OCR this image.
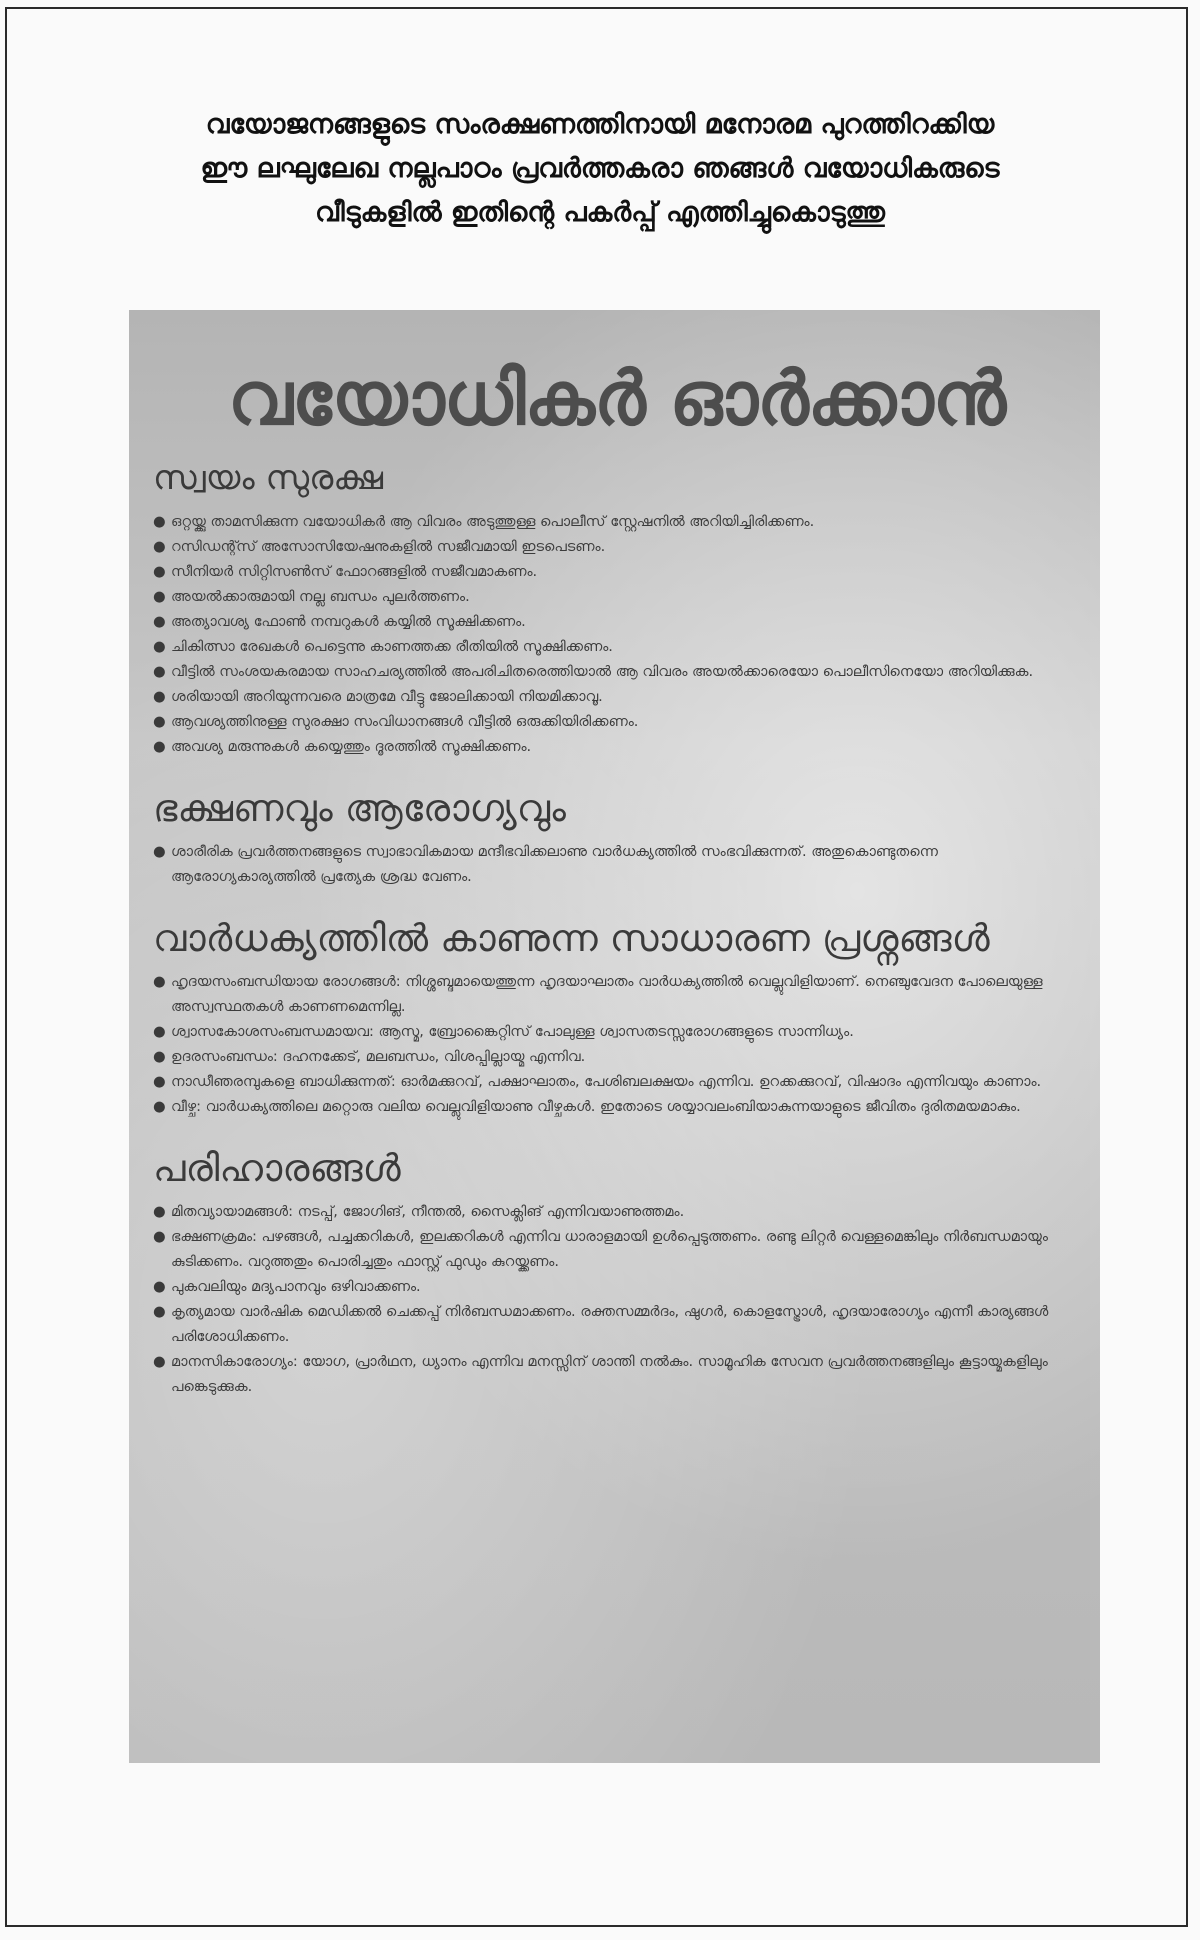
വയോജനങ്ങളുടെ സംരക്ഷണത്തിനായി മനോരമ പുറത്തിറക്കിയ
ഈ ലഘുലേഖ നല്ലപാഠം പ്രവർത്തകരാ ഞങ്ങൾ വയോധികരുടെ
വീടുകളിൽ ഇതിന്റെ പകർപ്പ് എത്തിച്ചുകൊടുത്തു
വയോധികർ ഓർക്കാൻ
സ്വയം സുരക്ഷ
● ഒറ്റയ്ക്കു താമസിക്കുന്ന വയോധികർ ആ വിവരം അടുത്തുള്ള പൊലീസ് സ്റ്റേഷനിൽ അറിയിച്ചിരിക്കണം.
● റസിഡന്റ്സ് അസോസിയേഷനുകളിൽ സജീവമായി ഇടപെടണം.
● സീനിയർ സിറ്റിസൺസ് ഫോറങ്ങളിൽ സജീവമാകണം.
● അയൽക്കാരുമായി നല്ല ബന്ധം പുലർത്തണം.
● അത്യാവശ്യ ഫോൺ നമ്പറുകൾ കയ്യിൽ സൂക്ഷിക്കണം.
● ചികിത്സാ രേഖകൾ പെട്ടെന്നു കാണത്തക്ക രീതിയിൽ സൂക്ഷിക്കണം.
● വീട്ടിൽ സംശയകരമായ സാഹചര്യത്തിൽ അപരിചിതരെത്തിയാൽ ആ വിവരം അയൽക്കാരെയോ പൊലീസിനെയോ അറിയിക്കുക.
● ശരിയായി അറിയുന്നവരെ മാത്രമേ വീട്ടു ജോലിക്കായി നിയമിക്കാവൂ.
● ആവശ്യത്തിനുള്ള സുരക്ഷാ സംവിധാനങ്ങൾ വീട്ടിൽ ഒരുക്കിയിരിക്കണം.
● അവശ്യ മരുന്നുകൾ കയ്യെത്തും ദൂരത്തിൽ സൂക്ഷിക്കണം.
ഭക്ഷണവും ആരോഗ്യവും
● ശാരീരിക പ്രവർത്തനങ്ങളുടെ സ്വാഭാവികമായ മന്ദീഭവിക്കലാണു വാർധക്യത്തിൽ സംഭവിക്കുന്നത്. അതുകൊണ്ടുതന്നെ ആരോഗ്യകാര്യത്തിൽ പ്രത്യേക ശ്രദ്ധ വേണം.
വാർധക്യത്തിൽ കാണുന്ന സാധാരണ പ്രശ്നങ്ങൾ
● ഹൃദയസംബന്ധിയായ രോഗങ്ങൾ: നിശ്ശബ്ദമായെത്തുന്ന ഹൃദയാഘാതം വാർധക്യത്തിൽ വെല്ലുവിളിയാണ്. നെഞ്ചുവേദന പോലെയുള്ള അസ്വസ്ഥതകൾ കാണണമെന്നില്ല.
● ശ്വാസകോശസംബന്ധമായവ: ആസ്മ, ബ്രോങ്കൈറ്റിസ് പോലുള്ള ശ്വാസതടസ്സരോഗങ്ങളുടെ സാന്നിധ്യം.
● ഉദരസംബന്ധം: ദഹനക്കേട്, മലബന്ധം, വിശപ്പില്ലായ്മ എന്നിവ.
● നാഡീഞരമ്പുകളെ ബാധിക്കുന്നത്: ഓർമക്കുറവ്, പക്ഷാഘാതം, പേശിബലക്ഷയം എന്നിവ. ഉറക്കക്കുറവ്, വിഷാദം എന്നിവയും കാണാം.
● വീഴ്ച: വാർധക്യത്തിലെ മറ്റൊരു വലിയ വെല്ലുവിളിയാണു വീഴ്ചകൾ. ഇതോടെ ശയ്യാവലംബിയാകുന്നയാളുടെ ജീവിതം ദുരിതമയമാകും.
പരിഹാരങ്ങൾ
● മിതവ്യായാമങ്ങൾ: നടപ്പ്, ജോഗിങ്, നീന്തൽ, സൈക്ലിങ് എന്നിവയാണുത്തമം.
● ഭക്ഷണക്രമം: പഴങ്ങൾ, പച്ചക്കറികൾ, ഇലക്കറികൾ എന്നിവ ധാരാളമായി ഉൾപ്പെടുത്തണം. രണ്ടു ലിറ്റർ വെള്ളമെങ്കിലും നിർബന്ധമായും കുടിക്കണം. വറുത്തതും പൊരിച്ചതും ഫാസ്റ്റ് ഫുഡും കുറയ്ക്കണം.
● പുകവലിയും മദ്യപാനവും ഒഴിവാക്കണം.
● കൃത്യമായ വാർഷിക മെഡിക്കൽ ചെക്കപ്പ് നിർബന്ധമാക്കണം. രക്തസമ്മർദം, ഷുഗർ, കൊളസ്ട്രോൾ, ഹൃദയാരോഗ്യം എന്നീ കാര്യങ്ങൾ പരിശോധിക്കണം.
● മാനസികാരോഗ്യം: യോഗ, പ്രാർഥന, ധ്യാനം എന്നിവ മനസ്സിന് ശാന്തി നൽകും. സാമൂഹിക സേവന പ്രവർത്തനങ്ങളിലും കൂട്ടായ്മകളിലും പങ്കെടുക്കുക.
